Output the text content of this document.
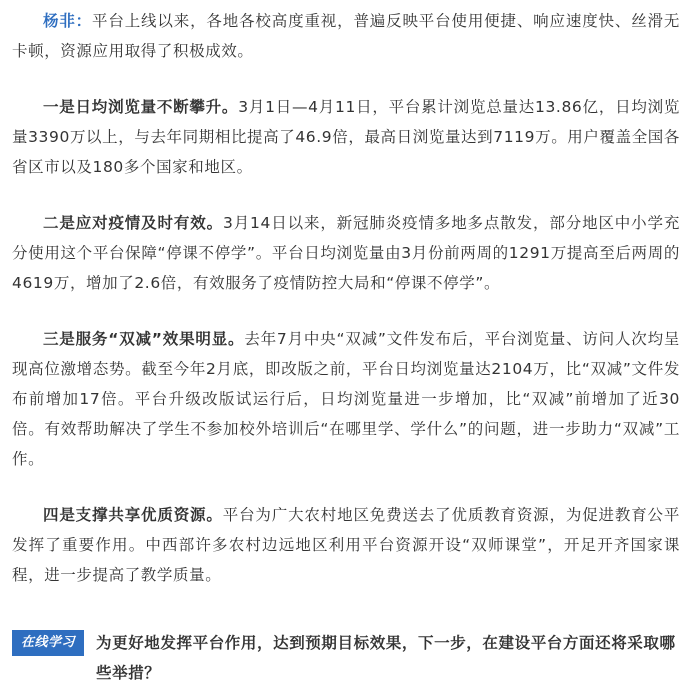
杨非：平台上线以来，各地各校高度重视，普遍反映平台使用便捷、响应速度快、丝滑无卡顿，资源应用取得了积极成效。

一是日均浏览量不断攀升。3月1日—4月11日，平台累计浏览总量达13.86亿，日均浏览量3390万以上，与去年同期相比提高了46.9倍，最高日浏览量达到7119万。用户覆盖全国各省区市以及180多个国家和地区。

二是应对疫情及时有效。3月14日以来，新冠肺炎疫情多地多点散发，部分地区中小学充分使用这个平台保障“停课不停学”。平台日均浏览量由3月份前两周的1291万提高至后两周的4619万，增加了2.6倍，有效服务了疫情防控大局和“停课不停学”。

三是服务“双减”效果明显。去年7月中央“双减”文件发布后，平台浏览量、访问人次均呈现高位激增态势。截至今年2月底，即改版之前，平台日均浏览量达2104万，比“双减”文件发布前增加17倍。平台升级改版试运行后，日均浏览量进一步增加，比“双减”前增加了近30倍。有效帮助解决了学生不参加校外培训后“在哪里学、学什么”的问题，进一步助力“双减”工作。

四是支撑共享优质资源。平台为广大农村地区免费送去了优质教育资源，为促进教育公平发挥了重要作用。中西部许多农村边远地区利用平台资源开设“双师课堂”，开足开齐国家课程，进一步提高了教学质量。

在线学习	为更好地发挥平台作用，达到预期目标效果，下一步，在建设平台方面还将采取哪些举措？
